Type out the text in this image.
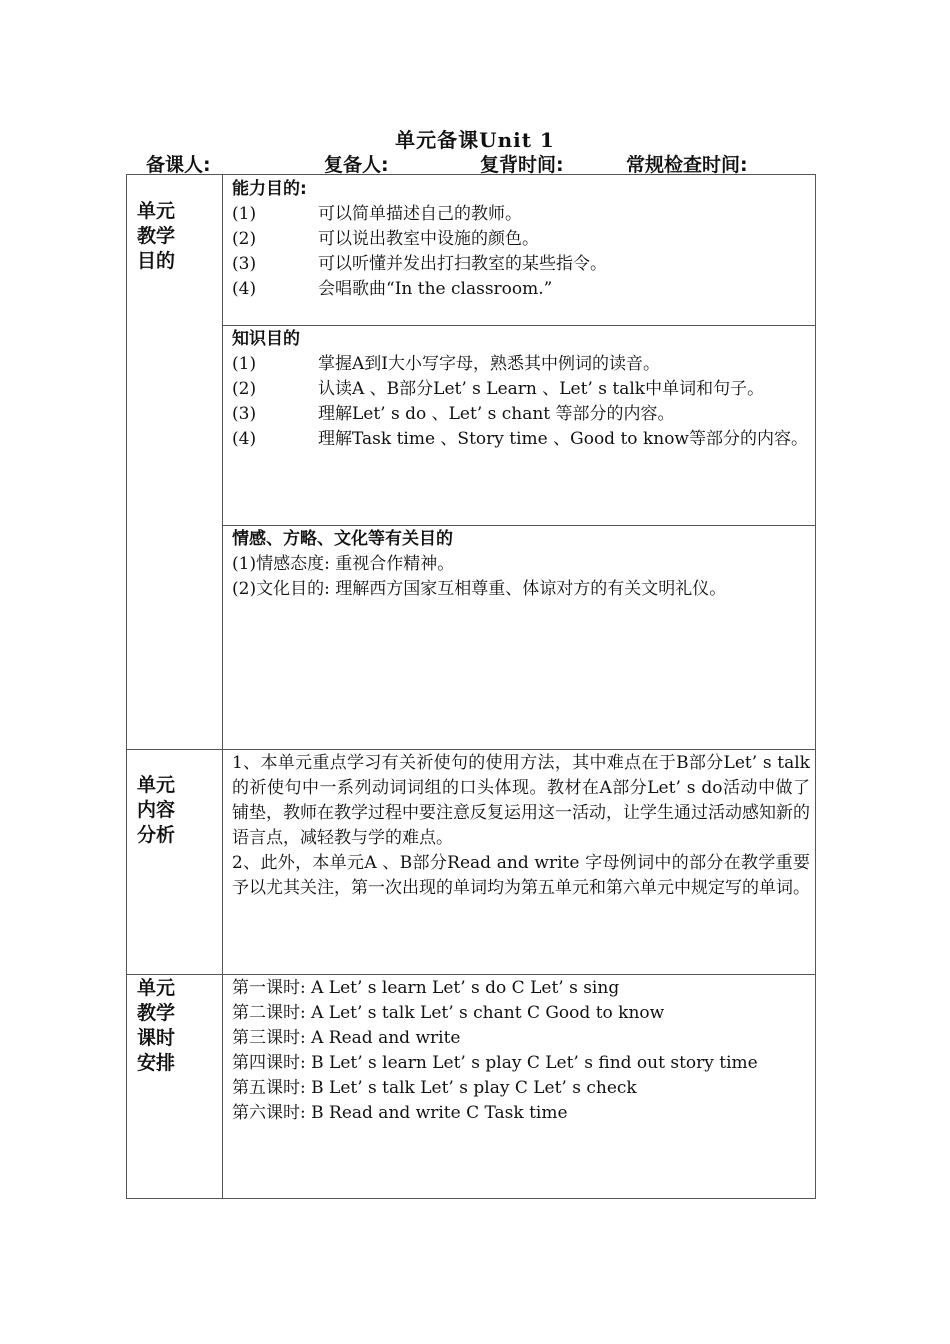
单元备课Unit 1
备课人:	复备人:	复背时间:	常规检查时间:
单元
教学
目的
能力目的:
(1)	可以简单描述自己的教师。
(2)	可以说出教室中设施的颜色。
(3)	可以听懂并发出打扫教室的某些指令。
(4)	会唱歌曲“In the classroom.”
知识目的
(1)	掌握A到I大小写字母，熟悉其中例词的读音。
(2)	认读A 、B部分Let’ s Learn 、Let’ s talk中单词和句子。
(3)	理解Let’ s do 、Let’ s chant 等部分的内容。
(4)	理解Task time 、Story time 、Good to know等部分的内容。
情感、方略、文化等有关目的
(1)情感态度: 重视合作精神。
(2)文化目的: 理解西方国家互相尊重、体谅对方的有关文明礼仪。
单元
内容
分析
1、本单元重点学习有关祈使句的使用方法，其中难点在于B部分Let’ s talk的祈使句中一系列动词词组的口头体现。教材在A部分Let’ s do活动中做了铺垫，教师在教学过程中要注意反复运用这一活动，让学生通过活动感知新的语言点，减轻教与学的难点。
2、此外，本单元A 、B部分Read and write 字母例词中的部分在教学重要予以尤其关注，第一次出现的单词均为第五单元和第六单元中规定写的单词。
单元
教学
课时
安排
第一课时: A Let’ s learn Let’ s do C Let’ s sing
第二课时: A Let’ s talk Let’ s chant C Good to know
第三课时: A Read and write
第四课时: B Let’ s learn Let’ s play C Let’ s find out story time
第五课时: B Let’ s talk Let’ s play C Let’ s check
第六课时: B Read and write C Task time
